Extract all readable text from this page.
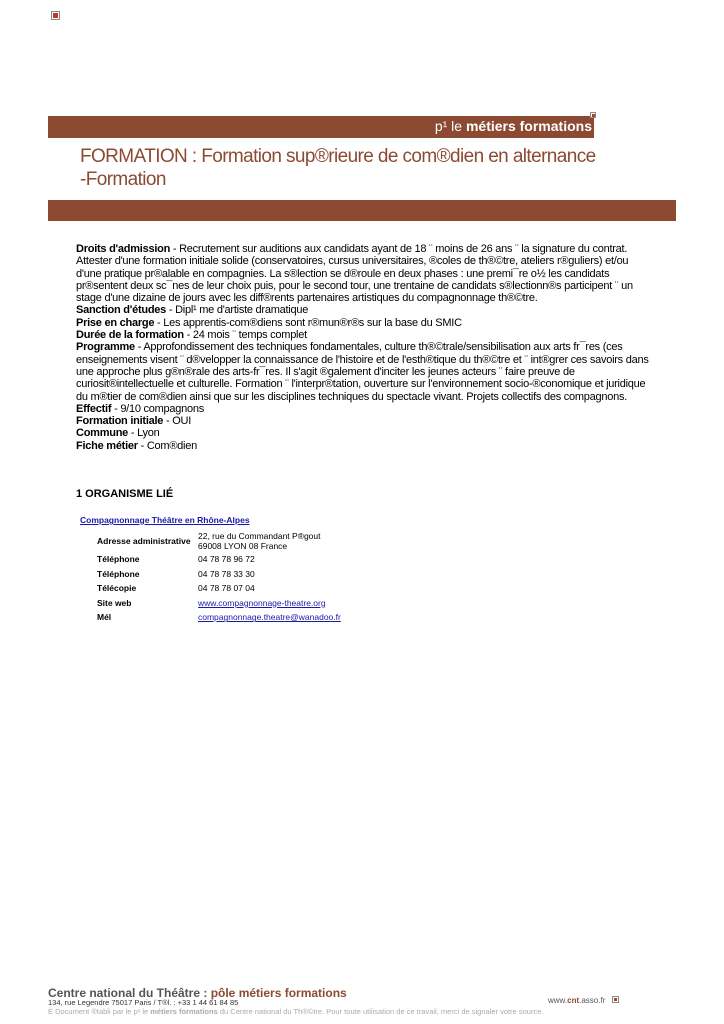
p¹ le métiers formations
FORMATION : Formation sup®rieure de com®dien en alternance -Formation

Droits d'admission - Recrutement sur auditions aux candidats ayant de 18 ¨ moins de 26 ans ¨ la signature du contrat. Attester d'une formation initiale solide (conservatoires, cursus universitaires, ®coles de th®©tre, ateliers r®guliers) et/ou d'une pratique pr®alable en compagnies. La s®lection se d®roule en deux phases : une premi¯re o½ les candidats pr®sentent deux sc¯nes de leur choix puis, pour le second tour, une trentaine de candidats s®lectionn®s participent ¨ un stage d'une dizaine de jours avec les diff®rents partenaires artistiques du compagnonnage th®©tre.

Sanction d'études - Dipl¹ me d'artiste dramatique

Prise en charge - Les apprentis-com®diens sont r®mun®r®s sur la base du SMIC

Durée de la formation - 24 mois ¨ temps complet

Programme - Approfondissement des techniques fondamentales, culture th®©trale/sensibilisation aux arts fr¯res (ces enseignements visent ¨ d®velopper la connaissance de l'histoire et de l'esth®tique du th®©tre et ¨ int®grer ces savoirs dans une approche plus g®n®rale des arts-fr¯res. Il s'agit ®galement d'inciter les jeunes acteurs ¨ faire preuve de curiosit®intellectuelle et culturelle. Formation ¨ l'interpr®tation, ouverture sur l'environnement socio-®conomique et juridique du m®tier de com®dien ainsi que sur les disciplines techniques du spectacle vivant. Projets collectifs des compagnons.

Effectif - 9/10 compagnons

Formation initiale - OUI

Commune - Lyon

Fiche métier - Com®dien

1 ORGANISME LIÉ
Compagnonnage Théâtre en Rhône-Alpes
Adresse administrative	22, rue du Commandant P®gout
69008 LYON 08 France
Téléphone	04 78 78 96 72
Téléphone	04 78 78 33 30
Télécopie	04 78 78 07 04
Site web	www.compagnonnage-theatre.org
Mél	compagnonnage.theatre@wanadoo.fr
Centre national du Théâtre : pôle métiers formations
134, rue Legendre 75017 Paris / T®l. : +33 1 44 61 84 85
È Document ®tabli par le p¹ le métiers formations du Centre national du Th®©tre. Pour toute utilisation de ce travail, merci de signaler votre source.
www.cnt.asso.fr
